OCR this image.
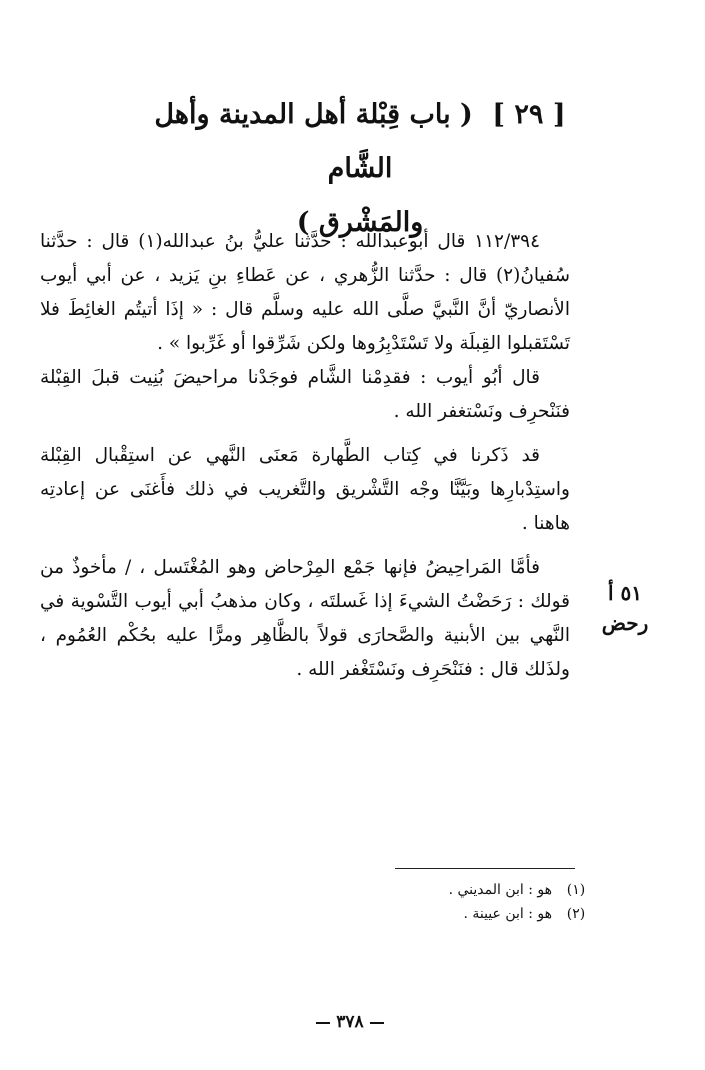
[ ٢٩ ] ( باب قِبْلة أهل المدينة وأهل الشَّام
والمَشْرق )

١١٢/٣٩٤ قال أبوعبدالله : حدَّثنا عليُّ بنُ عبدالله(١) قال : حدَّثنا سُفيانُ(٢) قال : حدَّثنا الزُّهري ، عن عَطاءِ بنِ يَزيد ، عن أبي أيوب الأنصاريّ أنَّ النَّبيَّ صلَّى الله عليه وسلَّم قال : « إذَا أتيتُم الغائِطَ فلا تَسْتَقبلوا القِبلَة ولا تَسْتَدْبِرُوها ولكن شَرِّقوا أو غَرِّبوا » .

قال أبُو أيوب : فقدِمْنا الشَّام فوجَدْنا مراحيضَ بُنِيت قبلَ القِبْلة فنَنْحرِف ونَسْتغفر الله .

قد ذَكرنا في كِتاب الطَّهارة مَعنَى النَّهي عن استِقْبال القِبْلة واستِدْبارِها وبَيَّنَّا وجْه التَّشْريق والتَّغريب في ذلك فأَغنَى عن إعادتِه هاهنا .

فأمَّا المَراحِيضُ فإنها جَمْع المِرْحاض وهو المُغْتَسل ، / مأخوذٌ من قولك : رَحَضْتُ الشيءَ إذا غَسلتَه ، وكان مذهبُ أبي أيوب التَّسْوية في النَّهي بين الأبنية والصَّحارَى قولاً بالظَّاهِر ومرًّا عليه بحُكْم العُمُوم ، ولذَلك قال : فنَنْحَرِف ونَسْتَغْفر الله .

٥١ أ
رحض
(١)
هو : ابن المديني .
(٢)
هو : ابن عيينة .
٣٧٨
